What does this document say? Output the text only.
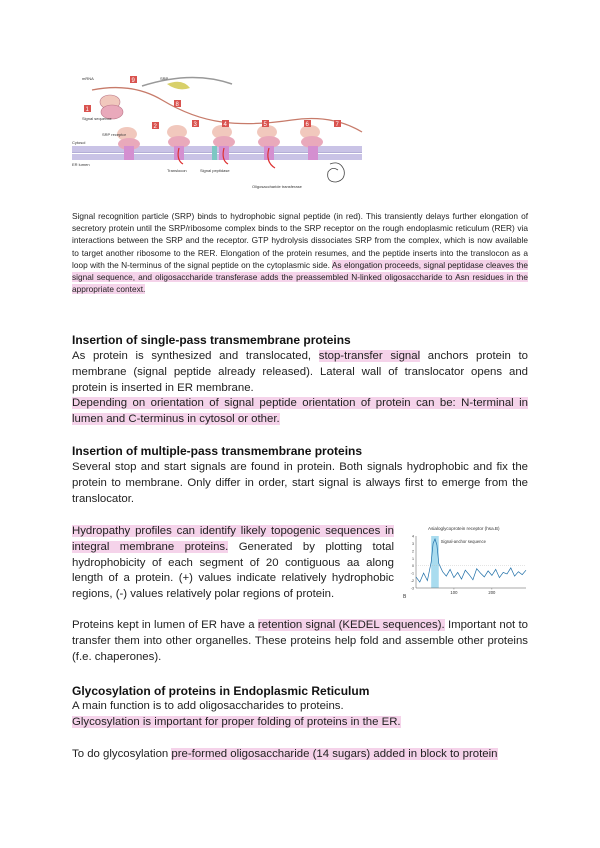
1
2	3	4	5	6	7
8
9
mRNA	SRP
Signal sequence
SRP receptor
Cytosol
ER lumen
Translocon	Signal peptidase
Oligosaccharide transferase

Signal recognition particle (SRP) binds to hydrophobic signal peptide (in red). This transiently delays further elongation of secretory protein until the SRP/ribosome complex binds to the SRP receptor on the rough endoplasmic reticulum (RER) via interactions between the SRP and the receptor. GTP hydrolysis dissociates SRP from the complex, which is now available to target another ribosome to the RER. Elongation of the protein resumes, and the peptide inserts into the translocon as a loop with the N-terminus of the signal peptide on the cytoplasmic side. As elongation proceeds, signal peptidase cleaves the signal sequence, and oligosaccharide transferase adds the preassembled N-linked oligosaccharide to Asn residues in the appropriate context.

Insertion of single-pass transmembrane proteins

As protein is synthesized and translocated, stop-transfer signal anchors protein to membrane (signal peptide already released). Lateral wall of translocator opens and protein is inserted in ER membrane.

Depending on orientation of signal peptide orientation of protein can be: N-terminal in lumen and C-terminus in cytosol or other.

Insertion of multiple-pass transmembrane proteins

Several stop and start signals are found in protein. Both signals hydrophobic and fix the protein to membrane. Only differ in order, start signal is always first to emerge from the translocator.

Hydropathy profiles can identify likely topogenic sequences in integral membrane proteins. Generated by plotting total hydrophobicity of each segment of 20 contiguous aa along length of a protein. (+) values indicate relatively hydrophobic regions, (-) values relatively polar regions of protein.

Asialoglycoprotein receptor (hsa.B)
B
4
3
2
1
0
-1
-2
-3
100	200
Signal-anchor sequence

Proteins kept in lumen of ER have a retention signal (KEDEL sequences). Important not to transfer them into other organelles. These proteins help fold and assemble other proteins (f.e. chaperones).

Glycosylation of proteins in Endoplasmic Reticulum

A main function is to add oligosaccharides to proteins.
Glycosylation is important for proper folding of proteins in the ER.

To do glycosylation pre-formed oligosaccharide (14 sugars) added in block to protein
